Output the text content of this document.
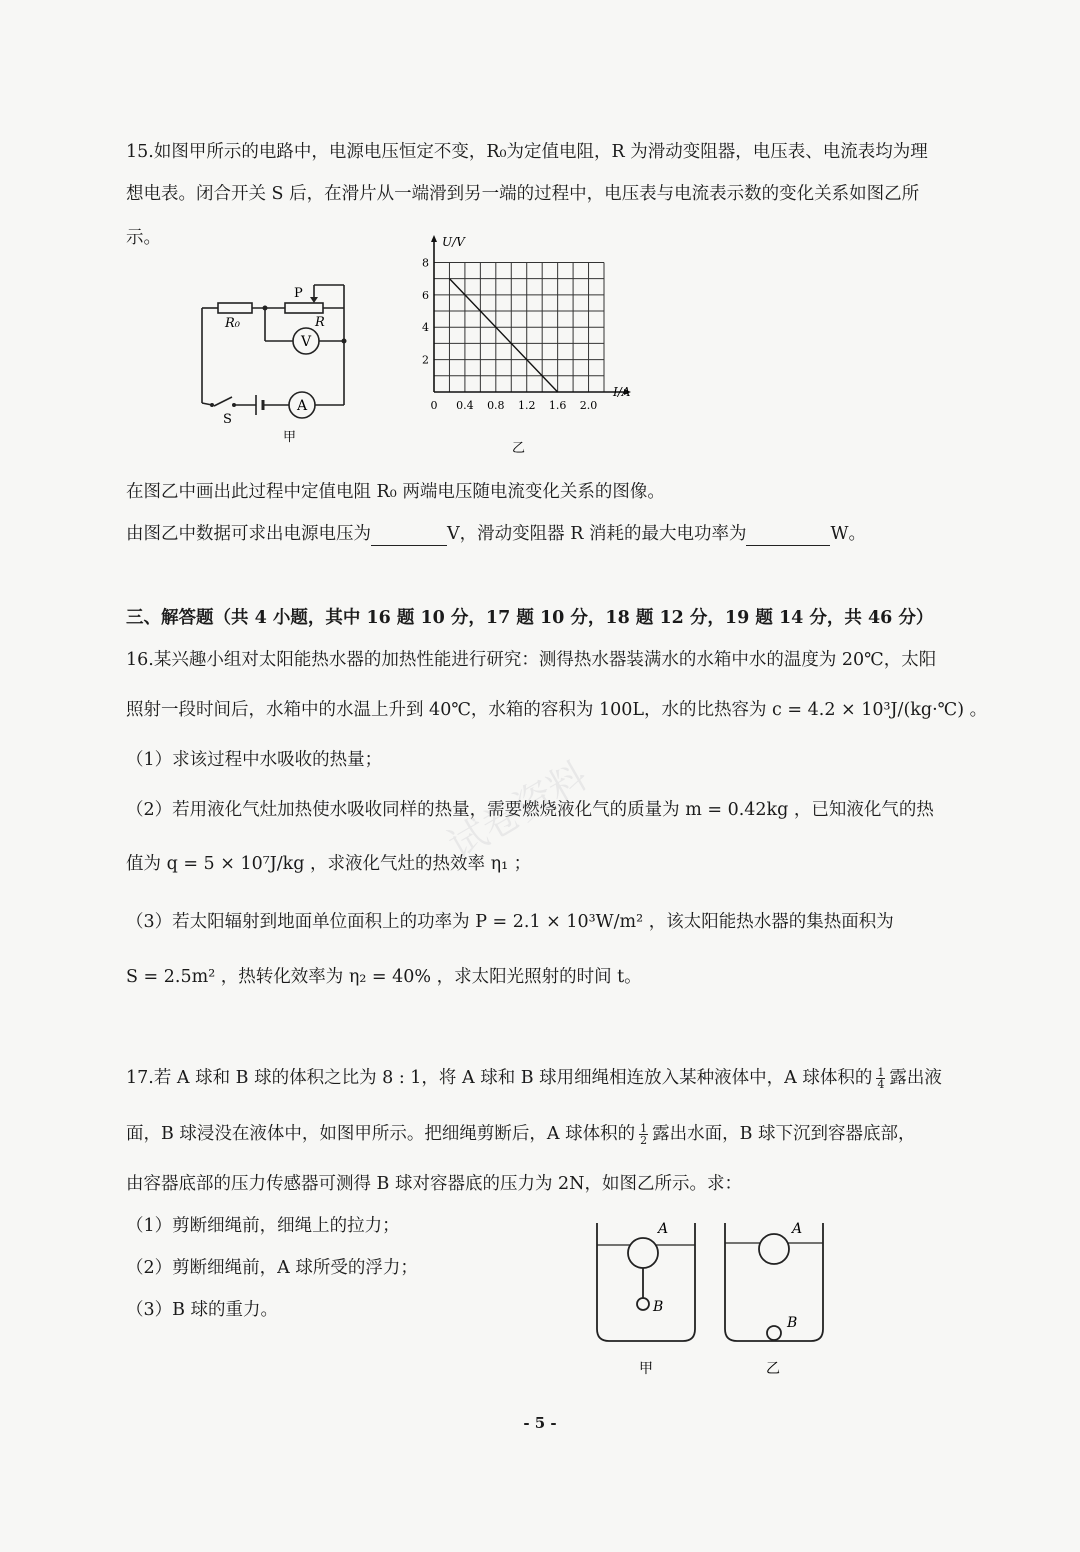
15.如图甲所示的电路中，电源电压恒定不变，R₀为定值电阻，R 为滑动变阻器，电压表、电流表均为理
想电表。闭合开关 S 后，在滑片从一端滑到另一端的过程中，电压表与电流表示数的变化关系如图乙所
示。
R₀	R
P
V
A
S
甲
0 0.4 0.8 1.2 1.6 2.0
2
4
6
8
U/V
I/A
乙
在图乙中画出此过程中定值电阻 R₀ 两端电压随电流变化关系的图像。
由图乙中数据可求出电源电压为	V，滑动变阻器 R 消耗的最大电功率为	W。
三、解答题（共 4 小题，其中 16 题 10 分，17 题 10 分，18 题 12 分，19 题 14 分，共 46 分）
16.某兴趣小组对太阳能热水器的加热性能进行研究：测得热水器装满水的水箱中水的温度为 20℃，太阳
照射一段时间后，水箱中的水温上升到 40℃，水箱的容积为 100L，水的比热容为 c = 4.2 × 10³J/(kg·℃) 。
（1）求该过程中水吸收的热量；
（2）若用液化气灶加热使水吸收同样的热量，需要燃烧液化气的质量为 m = 0.42kg ，已知液化气的热
值为 q = 5 × 10⁷J/kg ，求液化气灶的热效率 η₁ ；
（3）若太阳辐射到地面单位面积上的功率为 P = 2.1 × 10³W/m² ，该太阳能热水器的集热面积为
S = 2.5m² ，热转化效率为 η₂ = 40% ，求太阳光照射的时间 t。
17.若 A 球和 B 球的体积之比为 8 : 1，将 A 球和 B 球用细绳相连放入某种液体中，A 球体积的 $\frac{1}{4}$ 露出液
面，B 球浸没在液体中，如图甲所示。把细绳剪断后，A 球体积的 $\frac{1}{2}$ 露出水面，B 球下沉到容器底部，
由容器底部的压力传感器可测得 B 球对容器底的压力为 2N，如图乙所示。求：
（1）剪断细绳前，细绳上的拉力；
（2）剪断细绳前，A 球所受的浮力；
（3）B 球的重力。
A
B
A
B
甲	乙
试卷资料
- 5 -
